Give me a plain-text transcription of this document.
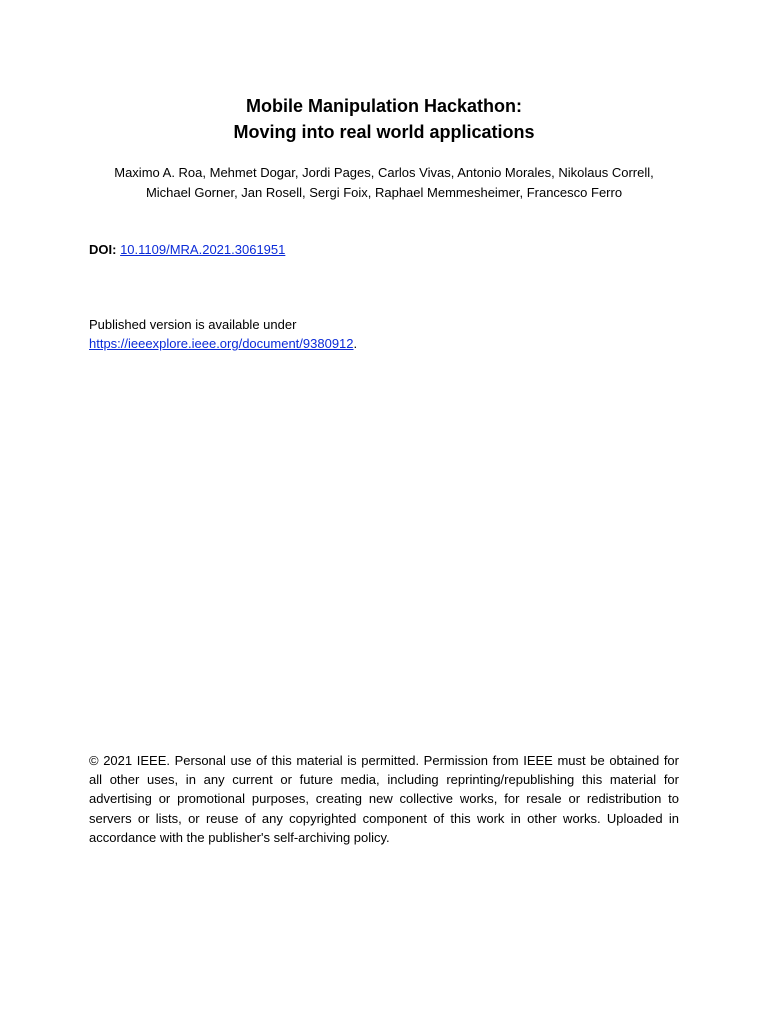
Mobile Manipulation Hackathon:
Moving into real world applications
Maximo A. Roa, Mehmet Dogar, Jordi Pages, Carlos Vivas, Antonio Morales, Nikolaus Correll,
Michael Gorner, Jan Rosell, Sergi Foix, Raphael Memmesheimer, Francesco Ferro
DOI: 10.1109/MRA.2021.3061951
Published version is available under
https://ieeexplore.ieee.org/document/9380912.
© 2021 IEEE. Personal use of this material is permitted. Permission from IEEE must be obtained for all other uses, in any current or future media, including reprinting/republishing this material for advertising or promotional purposes, creating new collective works, for resale or redistribution to servers or lists, or reuse of any copyrighted component of this work in other works. Uploaded in accordance with the publisher's self-archiving policy.
